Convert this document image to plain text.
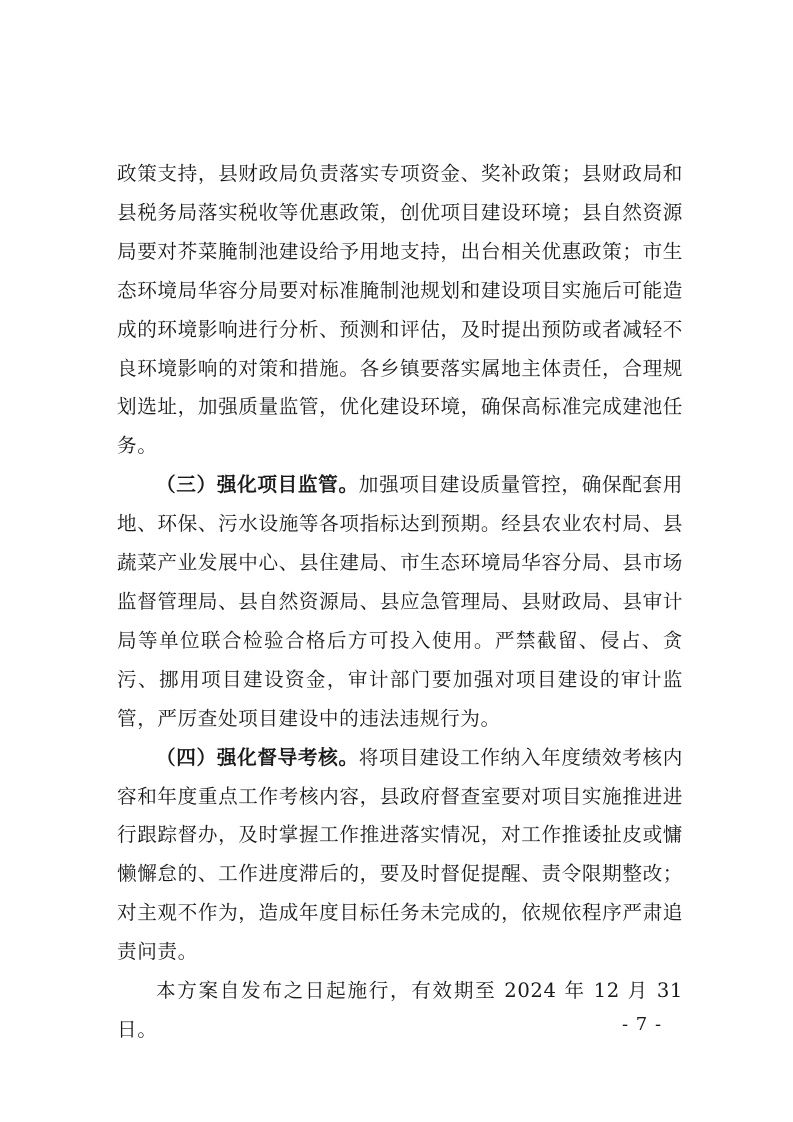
政策支持，县财政局负责落实专项资金、奖补政策；县财政局和县税务局落实税收等优惠政策，创优项目建设环境；县自然资源局要对芥菜腌制池建设给予用地支持，出台相关优惠政策；市生态环境局华容分局要对标准腌制池规划和建设项目实施后可能造成的环境影响进行分析、预测和评估，及时提出预防或者减轻不良环境影响的对策和措施。各乡镇要落实属地主体责任，合理规划选址，加强质量监管，优化建设环境，确保高标准完成建池任务。

（三）强化项目监管。加强项目建设质量管控，确保配套用地、环保、污水设施等各项指标达到预期。经县农业农村局、县蔬菜产业发展中心、县住建局、市生态环境局华容分局、县市场监督管理局、县自然资源局、县应急管理局、县财政局、县审计局等单位联合检验合格后方可投入使用。严禁截留、侵占、贪污、挪用项目建设资金，审计部门要加强对项目建设的审计监管，严厉查处项目建设中的违法违规行为。

（四）强化督导考核。将项目建设工作纳入年度绩效考核内容和年度重点工作考核内容，县政府督查室要对项目实施推进进行跟踪督办，及时掌握工作推进落实情况，对工作推诿扯皮或慵懒懈怠的、工作进度滞后的，要及时督促提醒、责令限期整改；对主观不作为，造成年度目标任务未完成的，依规依程序严肃追责问责。

本方案自发布之日起施行，有效期至 2024 年 12 月 31 日。	- 7 -
